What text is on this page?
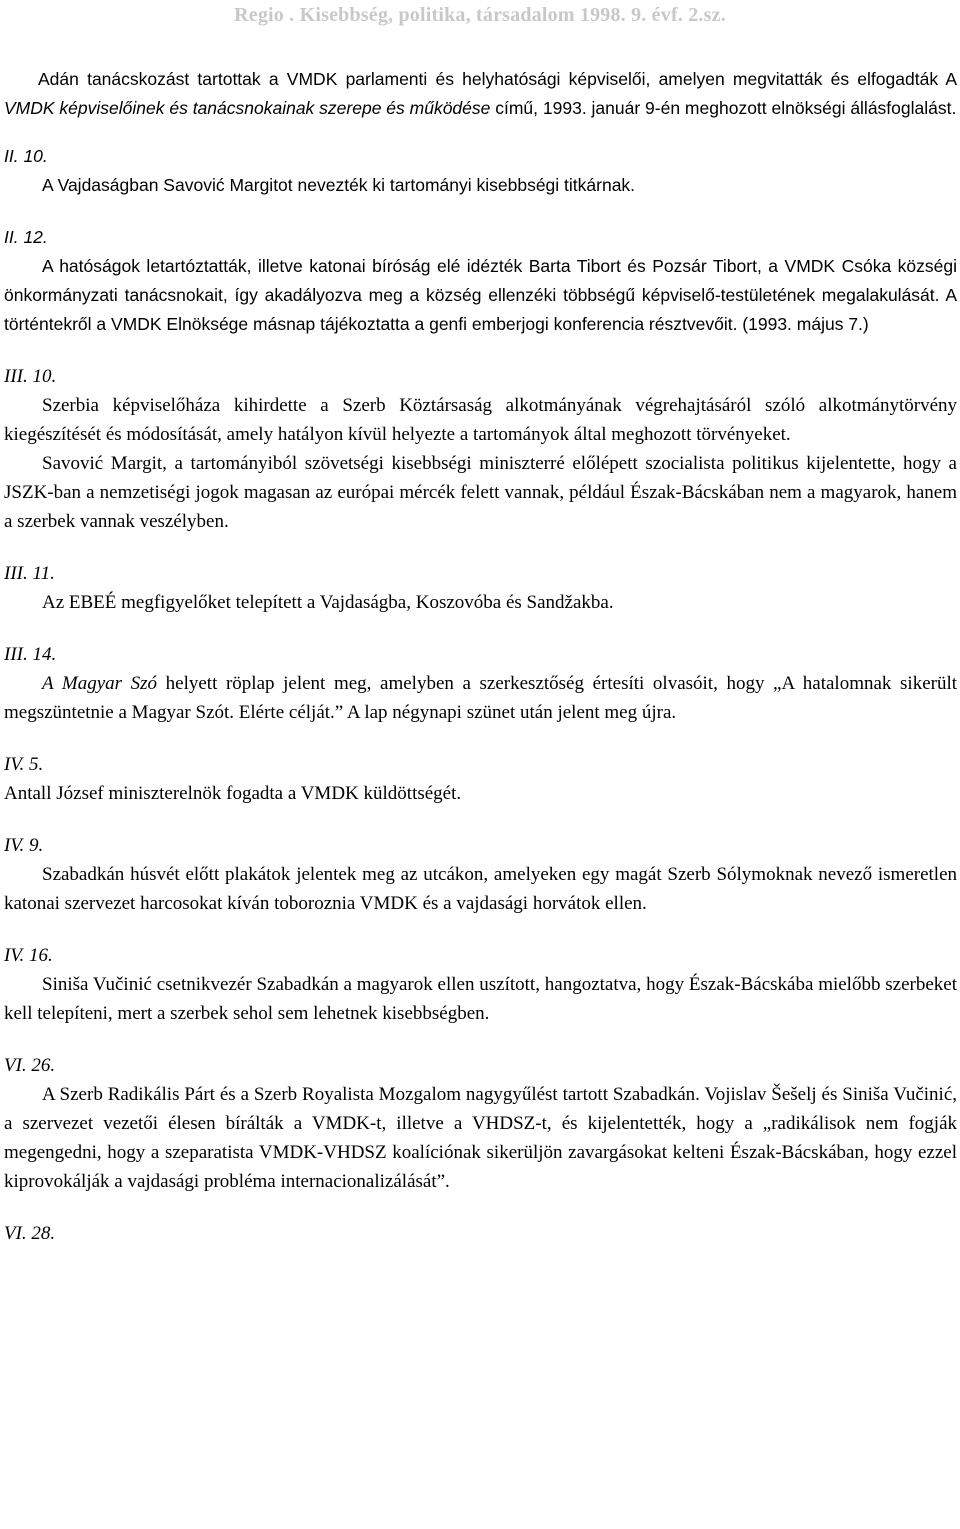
Regio . Kisebbség, politika, társadalom 1998. 9. évf. 2.sz.

Adán tanácskozást tartottak a VMDK parlamenti és helyhatósági képviselői, amelyen megvitatták és elfogadták A VMDK képviselőinek és tanácsnokainak szerepe és működése című, 1993. január 9-én meghozott elnökségi állásfoglalást.

II. 10.

A Vajdaságban Savović Margitot nevezték ki tartományi kisebbségi titkárnak.

II. 12.

A hatóságok letartóztatták, illetve katonai bíróság elé idézték Barta Tibort és Pozsár Tibort, a VMDK Csóka községi önkormányzati tanácsnokait, így akadályozva meg a község ellenzéki többségű képviselő-testületének megalakulását. A történtekről a VMDK Elnöksége másnap tájékoztatta a genfi emberjogi konferencia résztvevőit. (1993. május 7.)

III. 10.

Szerbia képviselőháza kihirdette a Szerb Köztársaság alkotmányának végrehajtásáról szóló alkotmánytörvény kiegészítését és módosítását, amely hatályon kívül helyezte a tartományok által meghozott törvényeket.

Savović Margit, a tartományiból szövetségi kisebbségi miniszterré előlépett szocialista politikus kijelentette, hogy a JSZK-ban a nemzetiségi jogok magasan az európai mércék felett vannak, például Észak-Bácskában nem a magyarok, hanem a szerbek vannak veszélyben.

III. 11.

Az EBEÉ megfigyelőket telepített a Vajdaságba, Koszovóba és Sandžakba.

III. 14.

A Magyar Szó helyett röplap jelent meg, amelyben a szerkesztőség értesíti olvasóit, hogy „A hatalomnak sikerült megszüntetnie a Magyar Szót. Elérte célját.” A lap négynapi szünet után jelent meg újra.

IV. 5.

Antall József miniszterelnök fogadta a VMDK küldöttségét.

IV. 9.

Szabadkán húsvét előtt plakátok jelentek meg az utcákon, amelyeken egy magát Szerb Sólymoknak nevező ismeretlen katonai szervezet harcosokat kíván toboroznia VMDK és a vajdasági horvátok ellen.

IV. 16.

Siniša Vučinić csetnikvezér Szabadkán a magyarok ellen uszított, hangoztatva, hogy Észak-Bácskába mielőbb szerbeket kell telepíteni, mert a szerbek sehol sem lehetnek kisebbségben.

VI. 26.

A Szerb Radikális Párt és a Szerb Royalista Mozgalom nagygyűlést tartott Szabadkán. Vojislav Šešelj és Siniša Vučinić, a szervezet vezetői élesen bírálták a VMDK-t, illetve a VHDSZ-t, és kijelentették, hogy a „radikálisok nem fogják megengedni, hogy a szeparatista VMDK-VHDSZ koalíciónak sikerüljön zavargásokat kelteni Észak-Bácskában, hogy ezzel kiprovokálják a vajdasági probléma internacionalizálását”.

VI. 28.
